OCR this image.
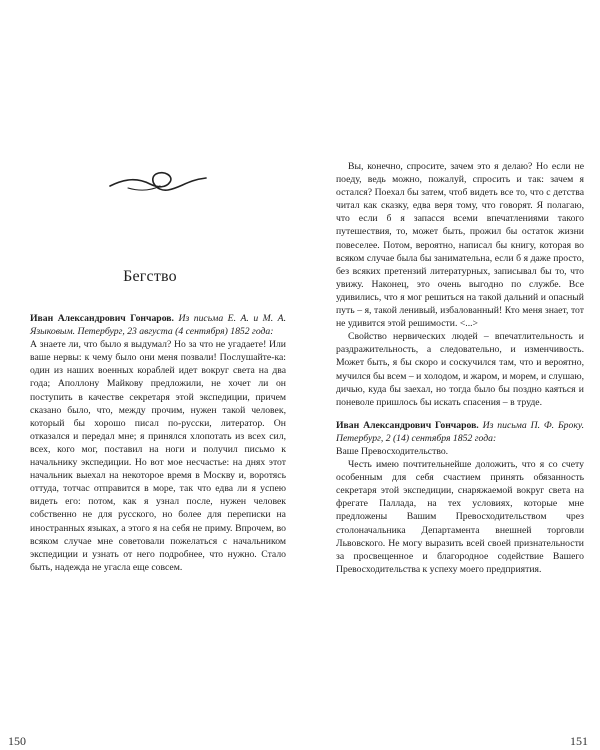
Бегство

Иван Александрович Гончаров. Из письма Е. А. и М. А. Языковым. Петербург, 23 августа (4 сентября) 1852 года:

А знаете ли, что было я выдумал? Но за что не угадаете! Или ваше нервы: к чему было они меня позвали! Послушайте-ка: один из наших военных кораблей идет вокруг света на два года; Аполлону Майкову предложили, не хочет ли он поступить в качестве секретаря этой экспедиции, причем сказано было, что, между прочим, нужен такой человек, который бы хорошо писал по-русски, литератор. Он отказался и передал мне; я принялся хлопотать из всех сил, всех, кого мог, поставил на ноги и получил письмо к начальнику экспедиции. Но вот мое несчастье: на днях этот начальник выехал на некоторое время в Москву и, воротясь оттуда, тотчас отправится в море, так что едва ли я успею видеть его: потом, как я узнал после, нужен человек собственно не для русского, но более для переписки на иностранных языках, а этого я на себя не приму. Впрочем, во всяком случае мне советовали пожелаться с начальником экспедиции и узнать от него подробнее, что нужно. Стало быть, надежда не угасла еще совсем.

150

Вы, конечно, спросите, зачем это я делаю? Но если не поеду, ведь можно, пожалуй, спросить и так: зачем я остался? Поехал бы затем, чтоб видеть все то, что с детства читал как сказку, едва веря тому, что говорят. Я полагаю, что если б я запасся всеми впечатлениями такого путешествия, то, может быть, прожил бы остаток жизни повеселее. Потом, вероятно, написал бы книгу, которая во всяком случае была бы занимательна, если б я даже просто, без всяких претензий литературных, записывал бы то, что увижу. Наконец, это очень выгодно по службе. Все удивились, что я мог решиться на такой дальний и опасный путь – я, такой ленивый, избалованный! Кто меня знает, тот не удивится этой решимости. <...>

Свойство нервических людей – впечатлительность и раздражительность, а следовательно, и изменчивость. Может быть, я бы скоро и соскучился там, что и вероятно, мучился бы всем – и холодом, и жаром, и морем, и слушаю, дичью, куда бы заехал, но тогда было бы поздно каяться и поневоле пришлось бы искать спасения – в труде.

Иван Александрович Гончаров. Из письма П. Ф. Броку. Петербург, 2 (14) сентября 1852 года:

Ваше Превосходительство.

Честь имею почтительнейше доложить, что я со счету особенным для себя счастием принять обязанность секретаря этой экспедиции, снаряжаемой вокруг света на фрегате Паллада, на тех условиях, которые мне предложены Вашим Превосходительством чрез столоначальника Департамента внешней торговли Львовского. Не могу выразить всей своей признательности за просвещенное и благородное содействие Вашего Превосходительства к успеху моего предприятия.

151
